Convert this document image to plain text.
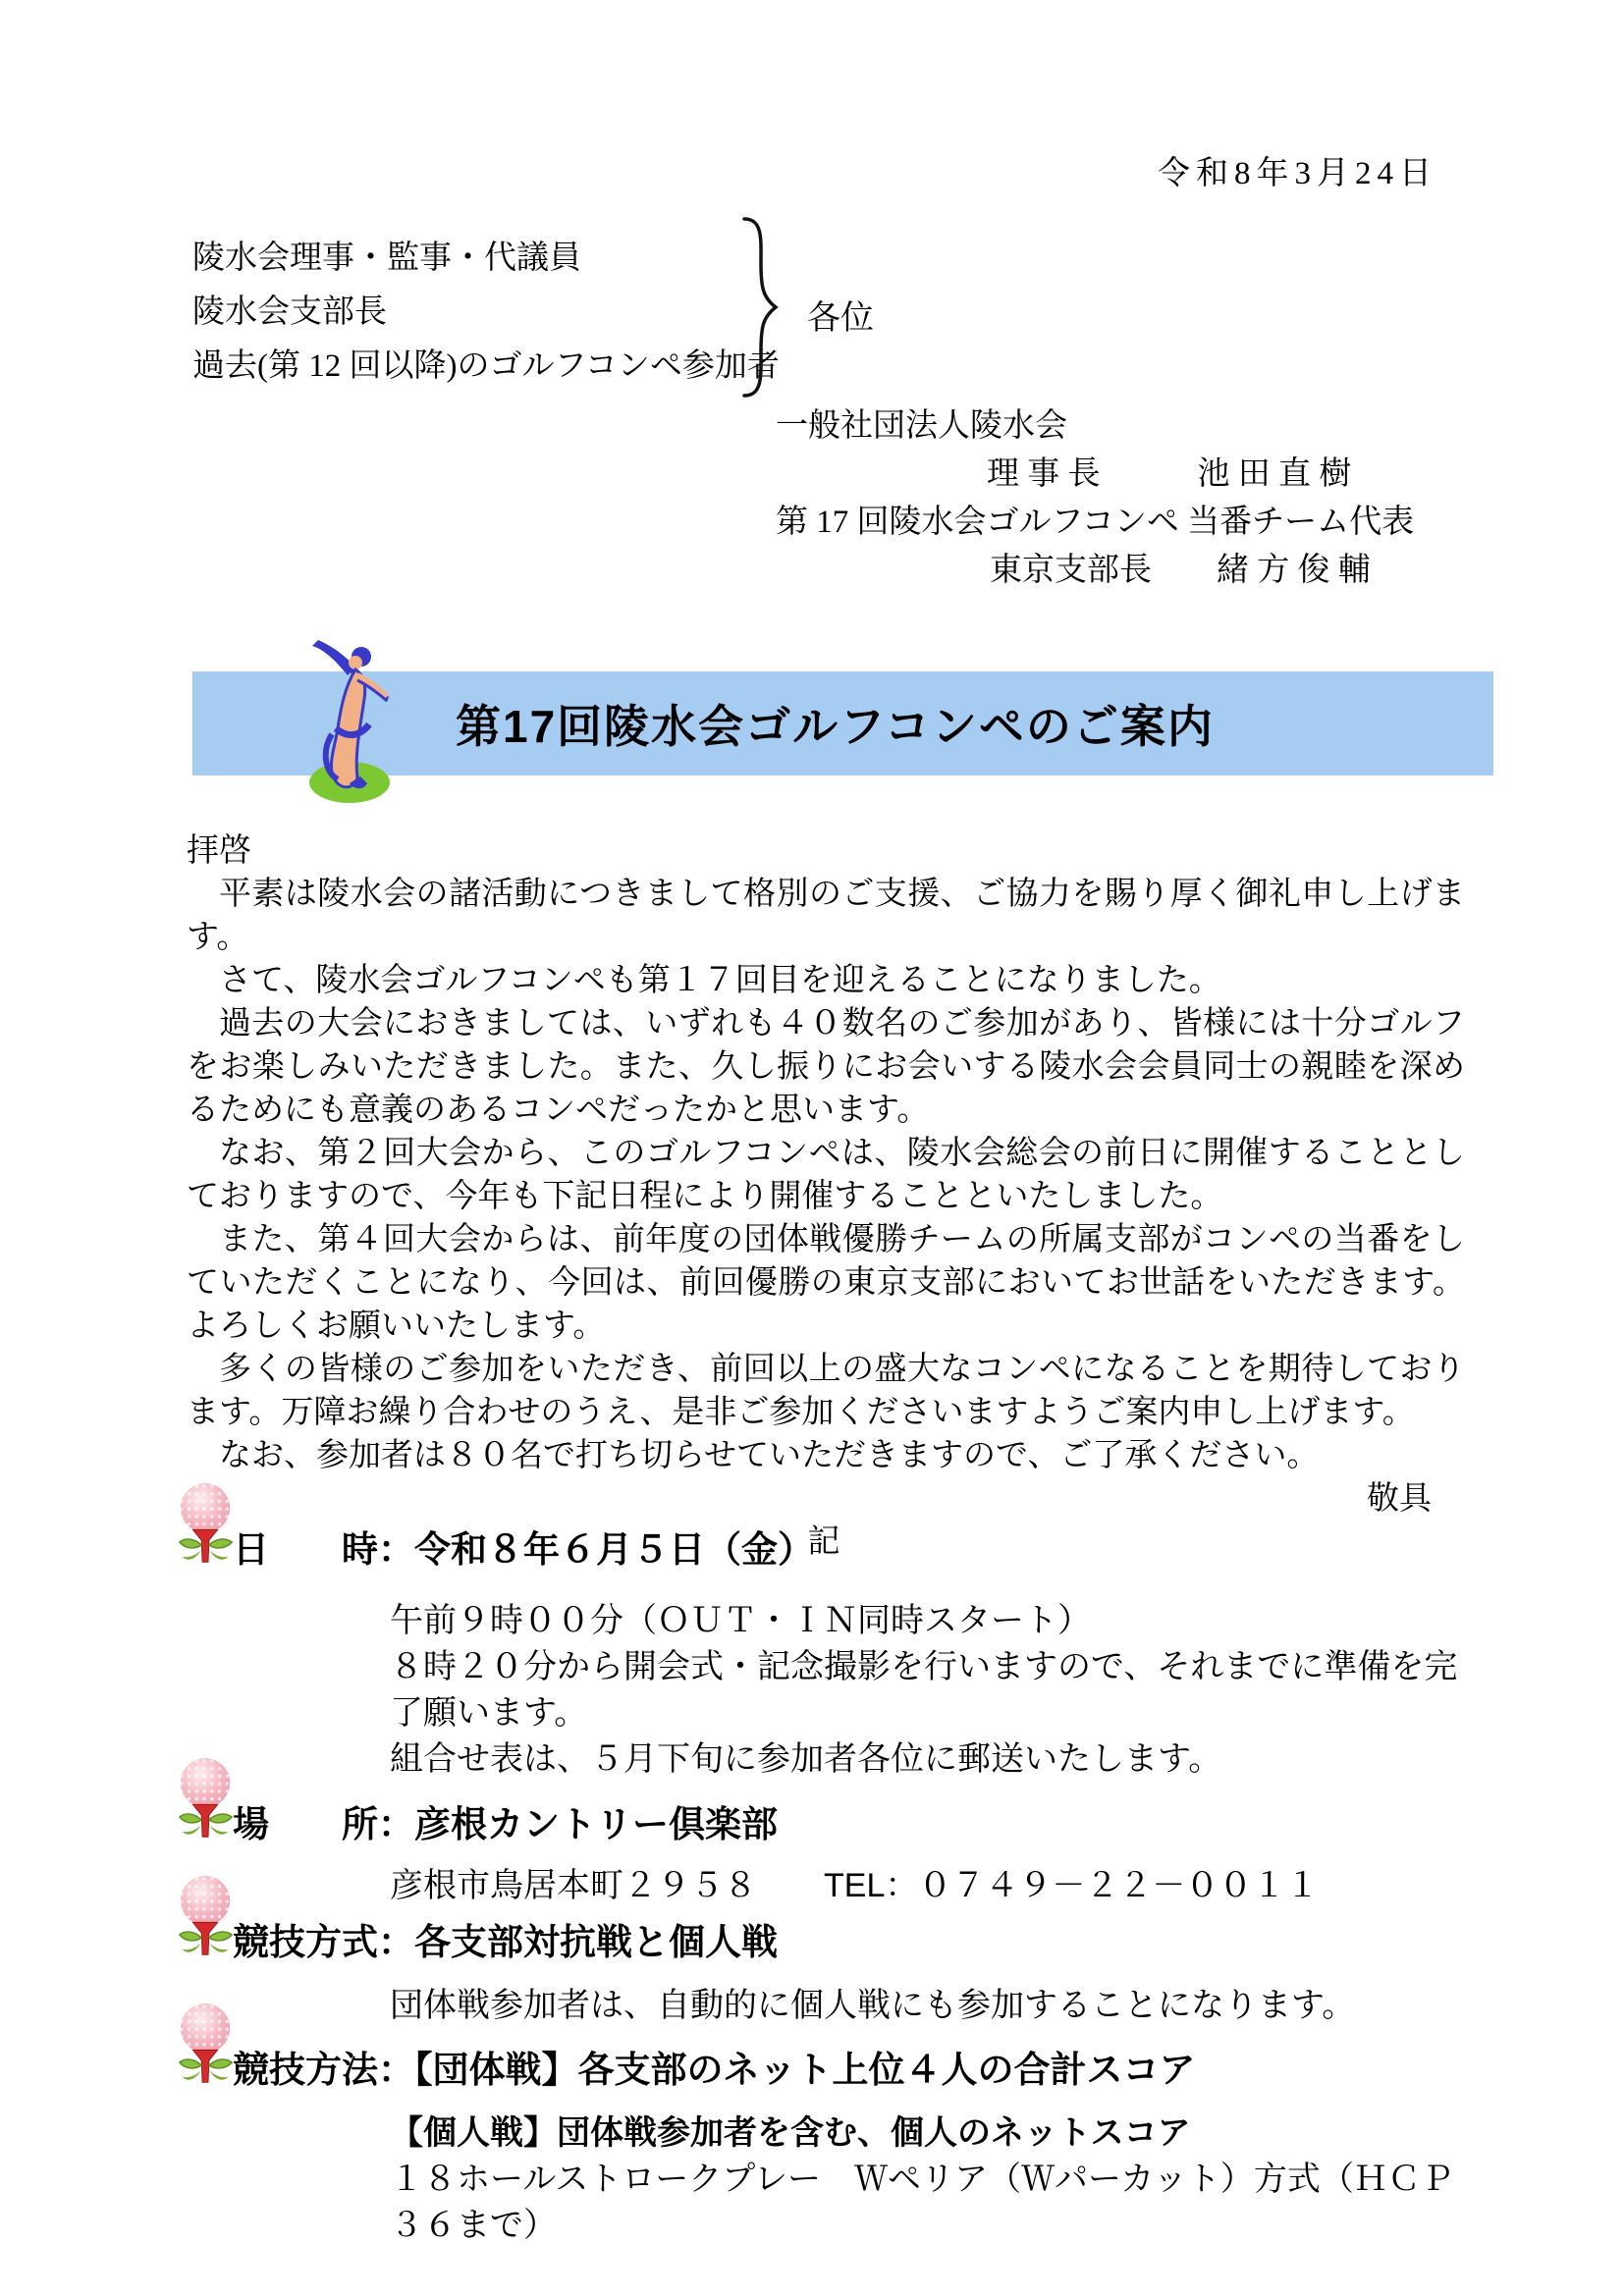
令和8年3月24日
陵水会理事・監事・代議員
陵水会支部長
過去(第 12 回以降)のゴルフコンペ参加者
各位
一般社団法人陵水会
理 事 長　　　池 田 直 樹
第 17 回陵水会ゴルフコンペ 当番チーム代表
東京支部長　　緒 方 俊 輔
第17回陵水会ゴルフコンペのご案内

拝啓

平素は陵水会の諸活動につきまして格別のご支援、ご協力を賜り厚く御礼申し上げます。

さて、陵水会ゴルフコンペも第１７回目を迎えることになりました。

過去の大会におきましては、いずれも４０数名のご参加があり、皆様には十分ゴルフをお楽しみいただきました。また、久し振りにお会いする陵水会会員同士の親睦を深めるためにも意義のあるコンペだったかと思います。

なお、第２回大会から、このゴルフコンペは、陵水会総会の前日に開催することとしておりますので、今年も下記日程により開催することといたしました。

また、第４回大会からは、前年度の団体戦優勝チームの所属支部がコンペの当番をしていただくことになり、今回は、前回優勝の東京支部においてお世話をいただきます。よろしくお願いいたします。

多くの皆様のご参加をいただき、前回以上の盛大なコンペになることを期待しております。万障お繰り合わせのうえ、是非ご参加くださいますようご案内申し上げます。

なお、参加者は８０名で打ち切らせていただきますので、ご了承ください。

敬具

記

日　　時：令和８年６月５日（金）

午前９時００分（ＯＵＴ・ＩＮ同時スタート）

８時２０分から開会式・記念撮影を行いますので、それまでに準備を完了願います。

組合せ表は、５月下旬に参加者各位に郵送いたします。

場　　所：彦根カントリー倶楽部

彦根市鳥居本町２９５８　　TEL：０７４９－２２－００１１

競技方式：各支部対抗戦と個人戦

団体戦参加者は、自動的に個人戦にも参加することになります。

競技方法：【団体戦】各支部のネット上位４人の合計スコア

【個人戦】団体戦参加者を含む、個人のネットスコア

１８ホールストロークプレー　Ｗペリア（Ｗパーカット）方式（ＨＣＰ３６まで）
